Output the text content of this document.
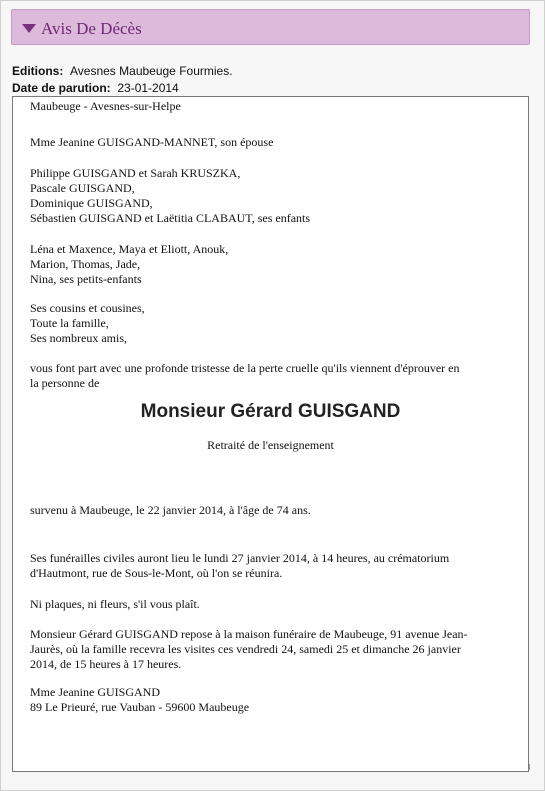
Avis De Décès
Editions: Avesnes Maubeuge Fourmies.
Date de parution: 23-01-2014

Maubeuge - Avesnes-sur-Helpe

Mme Jeanine GUISGAND-MANNET, son épouse

Philippe GUISGAND et Sarah KRUSZKA,
Pascale GUISGAND,
Dominique GUISGAND,
Sébastien GUISGAND et Laëtitia CLABAUT, ses enfants

Léna et Maxence, Maya et Eliott, Anouk,
Marion, Thomas, Jade,
Nina, ses petits-enfants

Ses cousins et cousines,
Toute la famille,
Ses nombreux amis,

vous font part avec une profonde tristesse de la perte cruelle qu'ils viennent d'éprouver en
la personne de

Monsieur Gérard GUISGAND
Retraité de l'enseignement

survenu à Maubeuge, le 22 janvier 2014, à l'âge de 74 ans.

Ses funérailles civiles auront lieu le lundi 27 janvier 2014, à 14 heures, au crématorium
d'Hautmont, rue de Sous-le-Mont, où l'on se réunira.

Ni plaques, ni fleurs, s'il vous plaît.

Monsieur Gérard GUISGAND repose à la maison funéraire de Maubeuge, 91 avenue Jean-
Jaurès, où la famille recevra les visites ces vendredi 24, samedi 25 et dimanche 26 janvier
2014, de 15 heures à 17 heures.

Mme Jeanine GUISGAND
89 Le Prieuré, rue Vauban - 59600 Maubeuge
